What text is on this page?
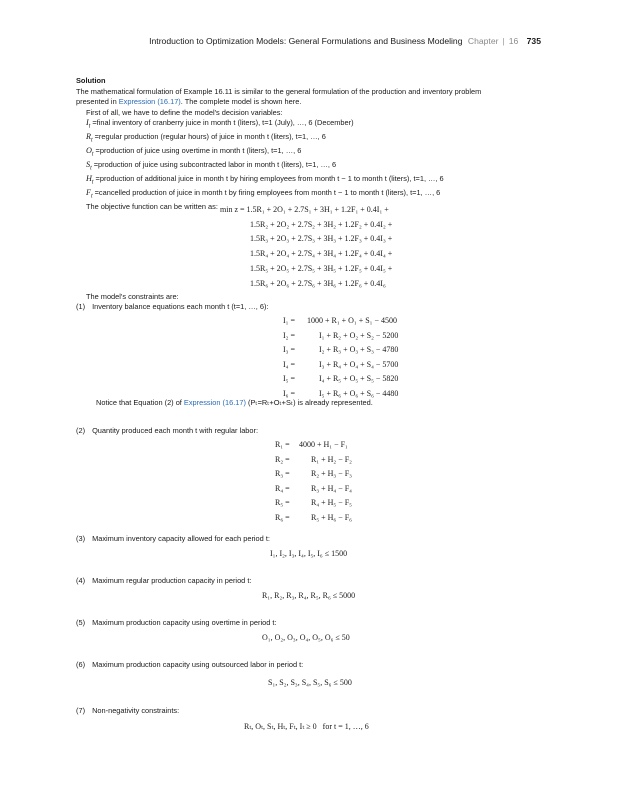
Introduction to Optimization Models: General Formulations and Business Modeling Chapter | 16 735

Solution

The mathematical formulation of Example 16.11 is similar to the general formulation of the production and inventory problem

presented in Expression (16.17). The complete model is shown here.

First of all, we have to define the model's decision variables:

$I_t$ =final inventory of cranberry juice in month t (liters), t=1 (July), …, 6 (December)
$R_t$ =regular production (regular hours) of juice in month t (liters), t=1, …, 6
$O_t$ =production of juice using overtime in month t (liters), t=1, …, 6
$S_t$ =production of juice using subcontracted labor in month t (liters), t=1, …, 6
$H_t$ =production of additional juice in month t by hiring employees from month t − 1 to month t (liters), t=1, …, 6
$F_t$ =cancelled production of juice in month t by firing employees from month t − 1 to month t (liters), t=1, …, 6

The objective function can be written as: min z = 1.5R₁ + 2O₁ + 2.7S₁ + 3H₁ + 1.2F₁ + 0.4I₁ +
1.5R₂ + 2O₂ + 2.7S₂ + 3H₂ + 1.2F₂ + 0.4I₂ +
1.5R₃ + 2O₃ + 2.7S₃ + 3H₃ + 1.2F₃ + 0.4I₃ +
1.5R₄ + 2O₄ + 2.7S₄ + 3H₄ + 1.2F₄ + 0.4I₄ +
1.5R₅ + 2O₅ + 2.7S₅ + 3H₅ + 1.2F₅ + 0.4I₅ +
1.5R₆ + 2O₆ + 2.7S₆ + 3H₆ + 1.2F₆ + 0.4I₆
The model's constraints are:
(1) Inventory balance equations each month t (t=1, …, 6):
I₁ = 1000 + R₁ + O₁ + S₁ − 4500
I₂ =	I₁ + R₂ + O₂ + S₂ − 5200
I₃ =	I₂ + R₃ + O₃ + S₃ − 4780
I₄ =	I₃ + R₄ + O₄ + S₄ − 5700
I₅ =	I₄ + R₅ + O₅ + S₅ − 5820
I₆ =	I₅ + R₆ + O₆ + S₆ − 4480
Notice that Equation (2) of Expression (16.17) (Pₜ=Rₜ+Oₜ+Sₜ) is already represented.
(2) Quantity produced each month t with regular labor:
R₁ = 4000 + H₁ − F₁
R₂ =	R₁ + H₂ − F₂
R₃ =	R₂ + H₃ − F₃
R₄ =	R₃ + H₄ − F₄
R₅ =	R₄ + H₅ − F₅
R₆ =	R₅ + H₆ − F₆
(3) Maximum inventory capacity allowed for each period t:
I₁, I₂, I₃, I₄, I₅, I₆ ≤ 1500
(4) Maximum regular production capacity in period t:
R₁, R₂, R₃, R₄, R₅, R₆ ≤ 5000
(5) Maximum production capacity using overtime in period t:
O₁, O₂, O₃, O₄, O₅, O₆ ≤ 50
(6) Maximum production capacity using outsourced labor in period t:
S₁, S₂, S₃, S₄, S₅, S₆ ≤ 500
(7) Non-negativity constraints:
Rₜ, Oₜ, Sₜ, Hₜ, Fₜ, Iₜ ≥ 0   for t = 1, …, 6
